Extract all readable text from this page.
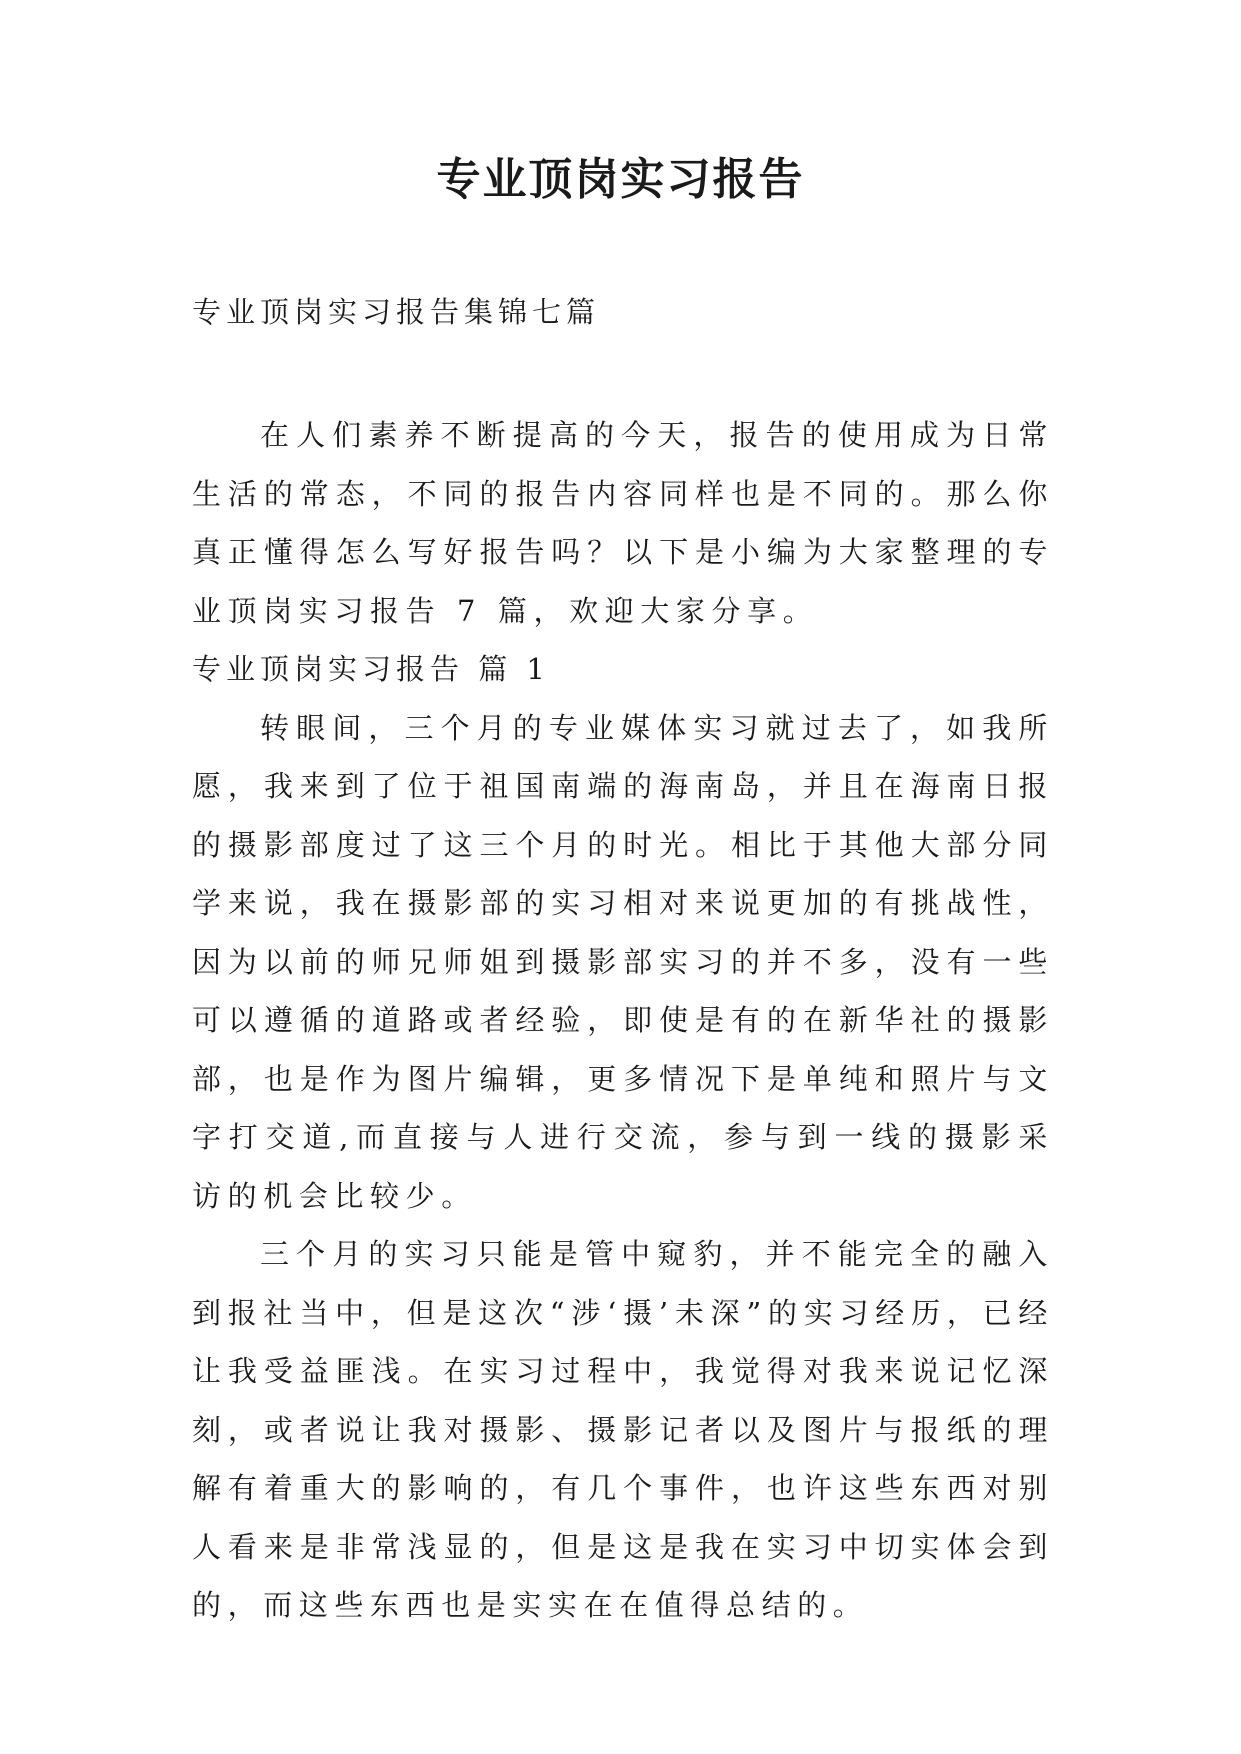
专业顶岗实习报告

专业顶岗实习报告集锦七篇

在人们素养不断提高的今天，报告的使用成为日常生活的常态，不同的报告内容同样也是不同的。那么你真正懂得怎么写好报告吗？以下是小编为大家整理的专业顶岗实习报告 7 篇，欢迎大家分享。

专业顶岗实习报告 篇 1

转眼间，三个月的专业媒体实习就过去了，如我所愿，我来到了位于祖国南端的海南岛，并且在海南日报的摄影部度过了这三个月的时光。相比于其他大部分同学来说，我在摄影部的实习相对来说更加的有挑战性，因为以前的师兄师姐到摄影部实习的并不多，没有一些可以遵循的道路或者经验，即使是有的在新华社的摄影部，也是作为图片编辑，更多情况下是单纯和照片与文字打交道,而直接与人进行交流，参与到一线的摄影采访的机会比较少。

三个月的实习只能是管中窥豹，并不能完全的融入到报社当中，但是这次“涉‘摄’未深”的实习经历，已经让我受益匪浅。在实习过程中，我觉得对我来说记忆深刻，或者说让我对摄影、摄影记者以及图片与报纸的理解有着重大的影响的，有几个事件，也许这些东西对别人看来是非常浅显的，但是这是我在实习中切实体会到的，而这些东西也是实实在在值得总结的。
